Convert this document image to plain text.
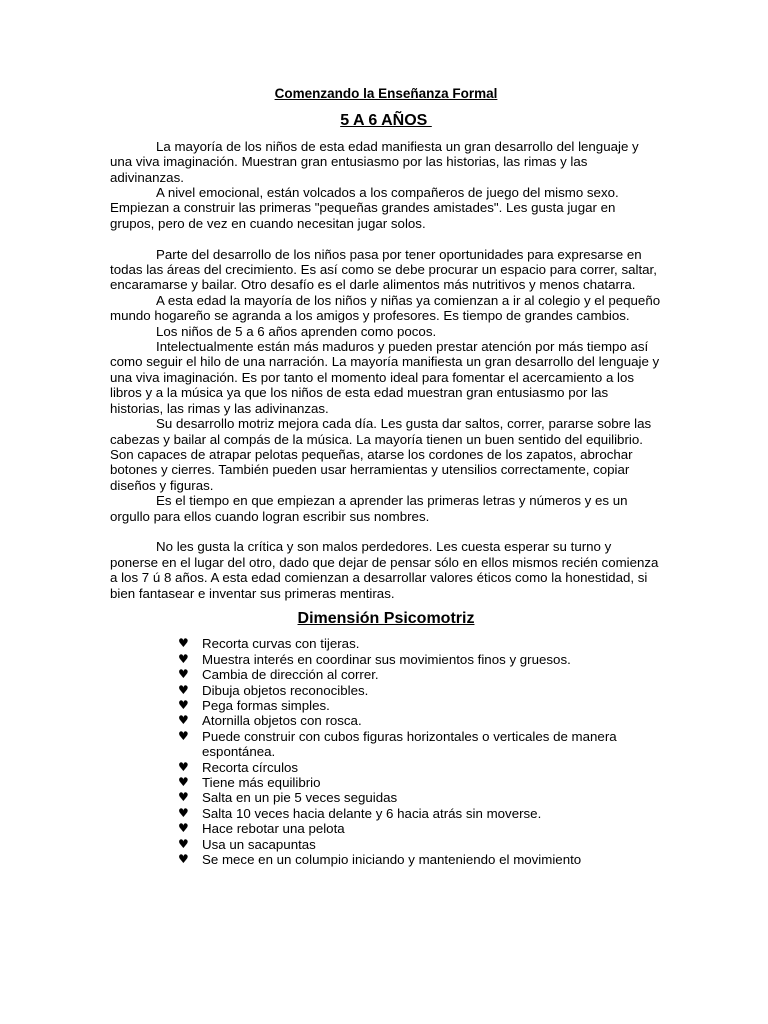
Comenzando la Enseñanza Formal
5 A 6 AÑOS

La mayoría de los niños de esta edad manifiesta un gran desarrollo del lenguaje y una viva imaginación. Muestran gran entusiasmo por las historias, las rimas y las adivinanzas.

A nivel emocional, están volcados a los compañeros de juego del mismo sexo. Empiezan a construir las primeras "pequeñas grandes amistades". Les gusta jugar en grupos, pero de vez en cuando necesitan jugar solos.

Parte del desarrollo de los niños pasa por tener oportunidades para expresarse en todas las áreas del crecimiento. Es así como se debe procurar un espacio para correr, saltar, encaramarse y bailar. Otro desafío es el darle alimentos más nutritivos y menos chatarra.

A esta edad la mayoría de los niños y niñas ya comienzan a ir al colegio y el pequeño mundo hogareño se agranda a los amigos y profesores. Es tiempo de grandes cambios.

Los niños de 5 a 6 años aprenden como pocos.

Intelectualmente están más maduros y pueden prestar atención por más tiempo así como seguir el hilo de una narración. La mayoría manifiesta un gran desarrollo del lenguaje y una viva imaginación. Es por tanto el momento ideal para fomentar el acercamiento a los libros y a la música ya que los niños de esta edad muestran gran entusiasmo por las historias, las rimas y las adivinanzas.

Su desarrollo motriz mejora cada día. Les gusta dar saltos, correr, pararse sobre las cabezas y bailar al compás de la música. La mayoría tienen un buen sentido del equilibrio. Son capaces de atrapar pelotas pequeñas, atarse los cordones de los zapatos, abrochar botones y cierres. También pueden usar herramientas y utensilios correctamente, copiar diseños y figuras.

Es el tiempo en que empiezan a aprender las primeras letras y números y es un orgullo para ellos cuando logran escribir sus nombres.

No les gusta la crítica y son malos perdedores. Les cuesta esperar su turno y ponerse en el lugar del otro, dado que dejar de pensar sólo en ellos mismos recién comienza a los 7 ú 8 años. A esta edad comienzan a desarrollar valores éticos como la honestidad, si bien fantasear e inventar sus primeras mentiras.

Dimensión Psicomotriz
♥ Recorta curvas con tijeras.
♥ Muestra interés en coordinar sus movimientos finos y gruesos.
♥ Cambia de dirección al correr.
♥ Dibuja objetos reconocibles.
♥ Pega formas simples.
♥ Atornilla objetos con rosca.
♥ Puede construir con cubos figuras horizontales o verticales de manera espontánea.
♥ Recorta círculos
♥ Tiene más equilibrio
♥ Salta en un pie 5 veces seguidas
♥ Salta 10 veces hacia delante y 6 hacia atrás sin moverse.
♥ Hace rebotar una pelota
♥ Usa un sacapuntas
♥ Se mece en un columpio iniciando y manteniendo el movimiento
